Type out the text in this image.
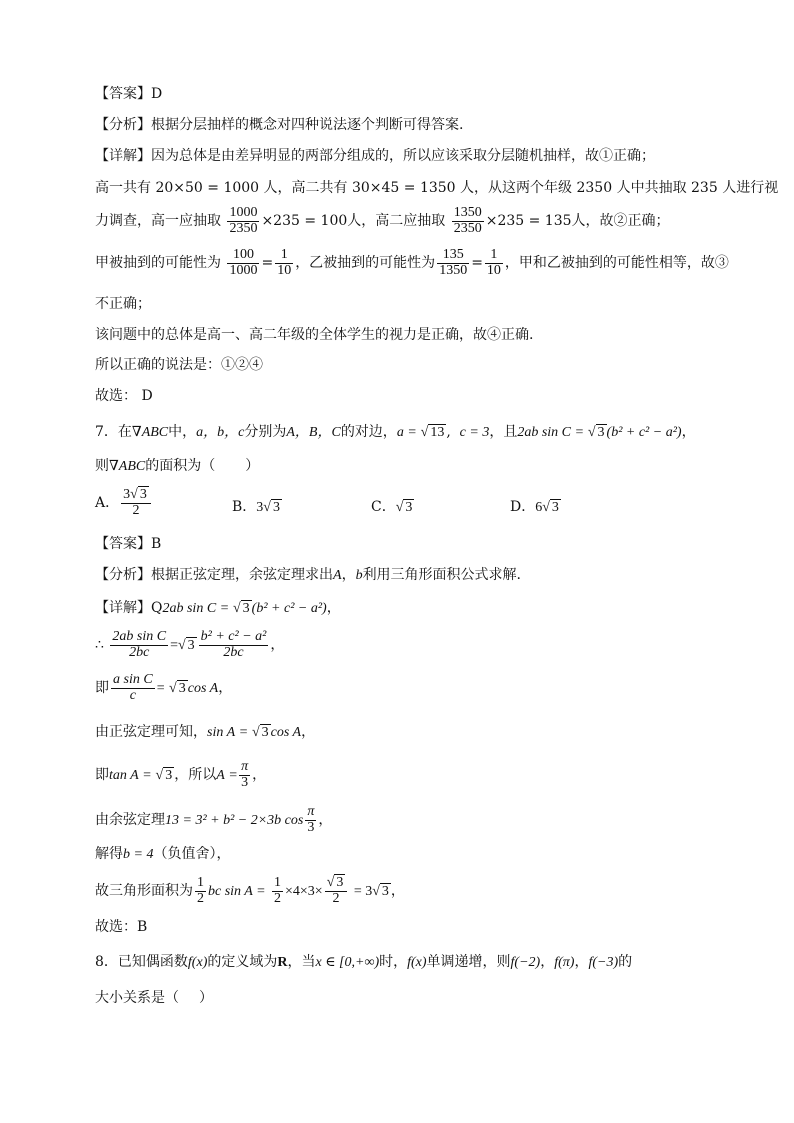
【答案】D
【分析】根据分层抽样的概念对四种说法逐个判断可得答案.
【详解】因为总体是由差异明显的两部分组成的，所以应该采取分层随机抽样，故①正确；
高一共有 20×50 = 1000 人，高二共有 30×45 = 1350 人，从这两个年级 2350 人中共抽取 235 人进行视
力调查，高一应抽取 $\frac{1000}{2350} \times 235 = 100$人，高二应抽取 $\frac{1350}{2350} \times 235 = 135$人，故②正确；
甲被抽到的可能性为 $\frac{100}{1000} = \frac{1}{10}$ ，乙被抽到的可能性为 $\frac{135}{1350} = \frac{1}{10}$ ，甲和乙被抽到的可能性相等，故③
不正确；
该问题中的总体是高一、高二年级的全体学生的视力是正确，故④正确.
所以正确的说法是：①②④
故选： D
7．在∇ABC中，a，b，c分别为A，B，C的对边，a = √ 13 , c = 3，且2ab sin C = √ 3 (b² + c² − a²)，
则∇ABC的面积为（ ）
A． $\frac{3√ 3}{2}$	B．3√ 3	C．√ 3	D．6√ 3
【答案】B
【分析】根据正弦定理，余弦定理求出A，b利用三角形面积公式求解.
【详解】Q2ab sin C = √ 3 (b² + c² − a²)，
∴ $\frac{\text{2ab sin C}}{2bc}$ =√ $3 \frac{\text{b² + c² − a²}}{2bc}$ ，
即 $\frac{\text{a sin C}}{c}$ = √ 3 cos A，
由正弦定理可知，sin A = √ 3 cos A，
即tan A = √ 3 ，所以$A = \frac{\pi}{3}$ ，
由余弦定理13 = 3² + b² − 2×3b $\cos \frac{\pi}{3}$ ，
解得b = 4（负值舍），
故三角形面积为 $\frac{1}{2}$ bc $\sin A = \frac{1}{2} \times 4\times 3\times \frac{√ 3}{2} = 3√$ 3 ，
故选：B
8．已知偶函数f(x)的定义域为R，当x ∈ [0,+∞)时，f(x)单调递增，则f(−2)，f(π)，f(−3)的
大小关系是（ ）
